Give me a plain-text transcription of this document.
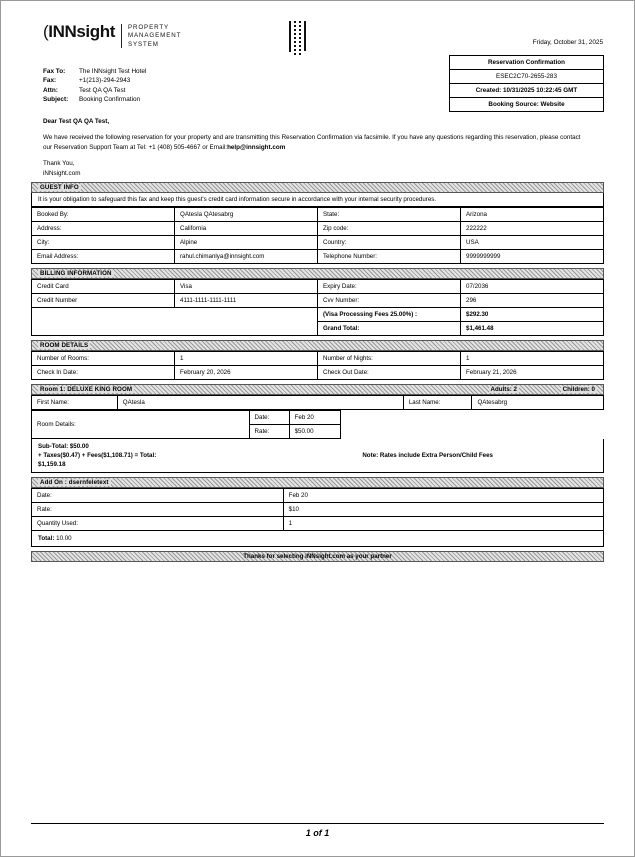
(INNsight	PROPERTY
MANAGEMENT
SYSTEM	Friday, October 31, 2025
Reservation Confirmation
ESEC2C70-2655-283
Created: 10/31/2025 10:22:45 GMT
Booking Source: Website
Fax To:	The INNsight Test Hotel
Fax:	+1(213)-294-2943
Attn:	Test QA QA Test
Subject:	Booking Confirmation
Dear Test QA QA Test,

We have received the following reservation for your property and are transmitting this Reservation Confirmation via facsimile. If you have any questions regarding this reservation, please contact our Reservation Support Team at Tel: +1 (408) 505-4667 or Email:help@innsight.com

Thank You,
iNNsight.com
GUEST INFO
It is your obligation to safeguard this fax and keep this guest's credit card information secure in accordance with your internal security procedures.
Booked By:	QAtesla QAtesabrg	State:	Arizona
Address:	California	Zip code:	222222
City:	Alpine	Country:	USA
Email Address:	rahul.chimanlya@innsight.com	Telephone Number:	9999999999
BILLING INFORMATION
Credit Card	Visa	Expiry Date:	07/2036
Credit Number	4111-1111-1111-1111	Cvv Number:	296
		(Visa Processing Fees 25.00%) :	$292.30
		Grand Total:	$1,461.48
ROOM DETAILS
Number of Rooms:	1	Number of Nights:	1
Check In Date:	February 20, 2026	Check Out Date:	February 21, 2026
Room 1: DELUXE KING ROOM	Adults: 2	Children: 0
First Name:	QAtesla	Last Name:	QAtesabrg
Room Details:	Date:	Feb 20	
	Rate:	$50.00	
Sub-Total: $50.00
+ Taxes($0.47) + Fees($1,108.71) = Total:
$1,159.18
Note: Rates include Extra Person/Child Fees
Add On : dsernfeletext
Date:	Feb 20
Rate:	$10
Quantity Used:	1
Total: 10.00
Thanks for selecting iNNsight.com as your partner
1 of 1
